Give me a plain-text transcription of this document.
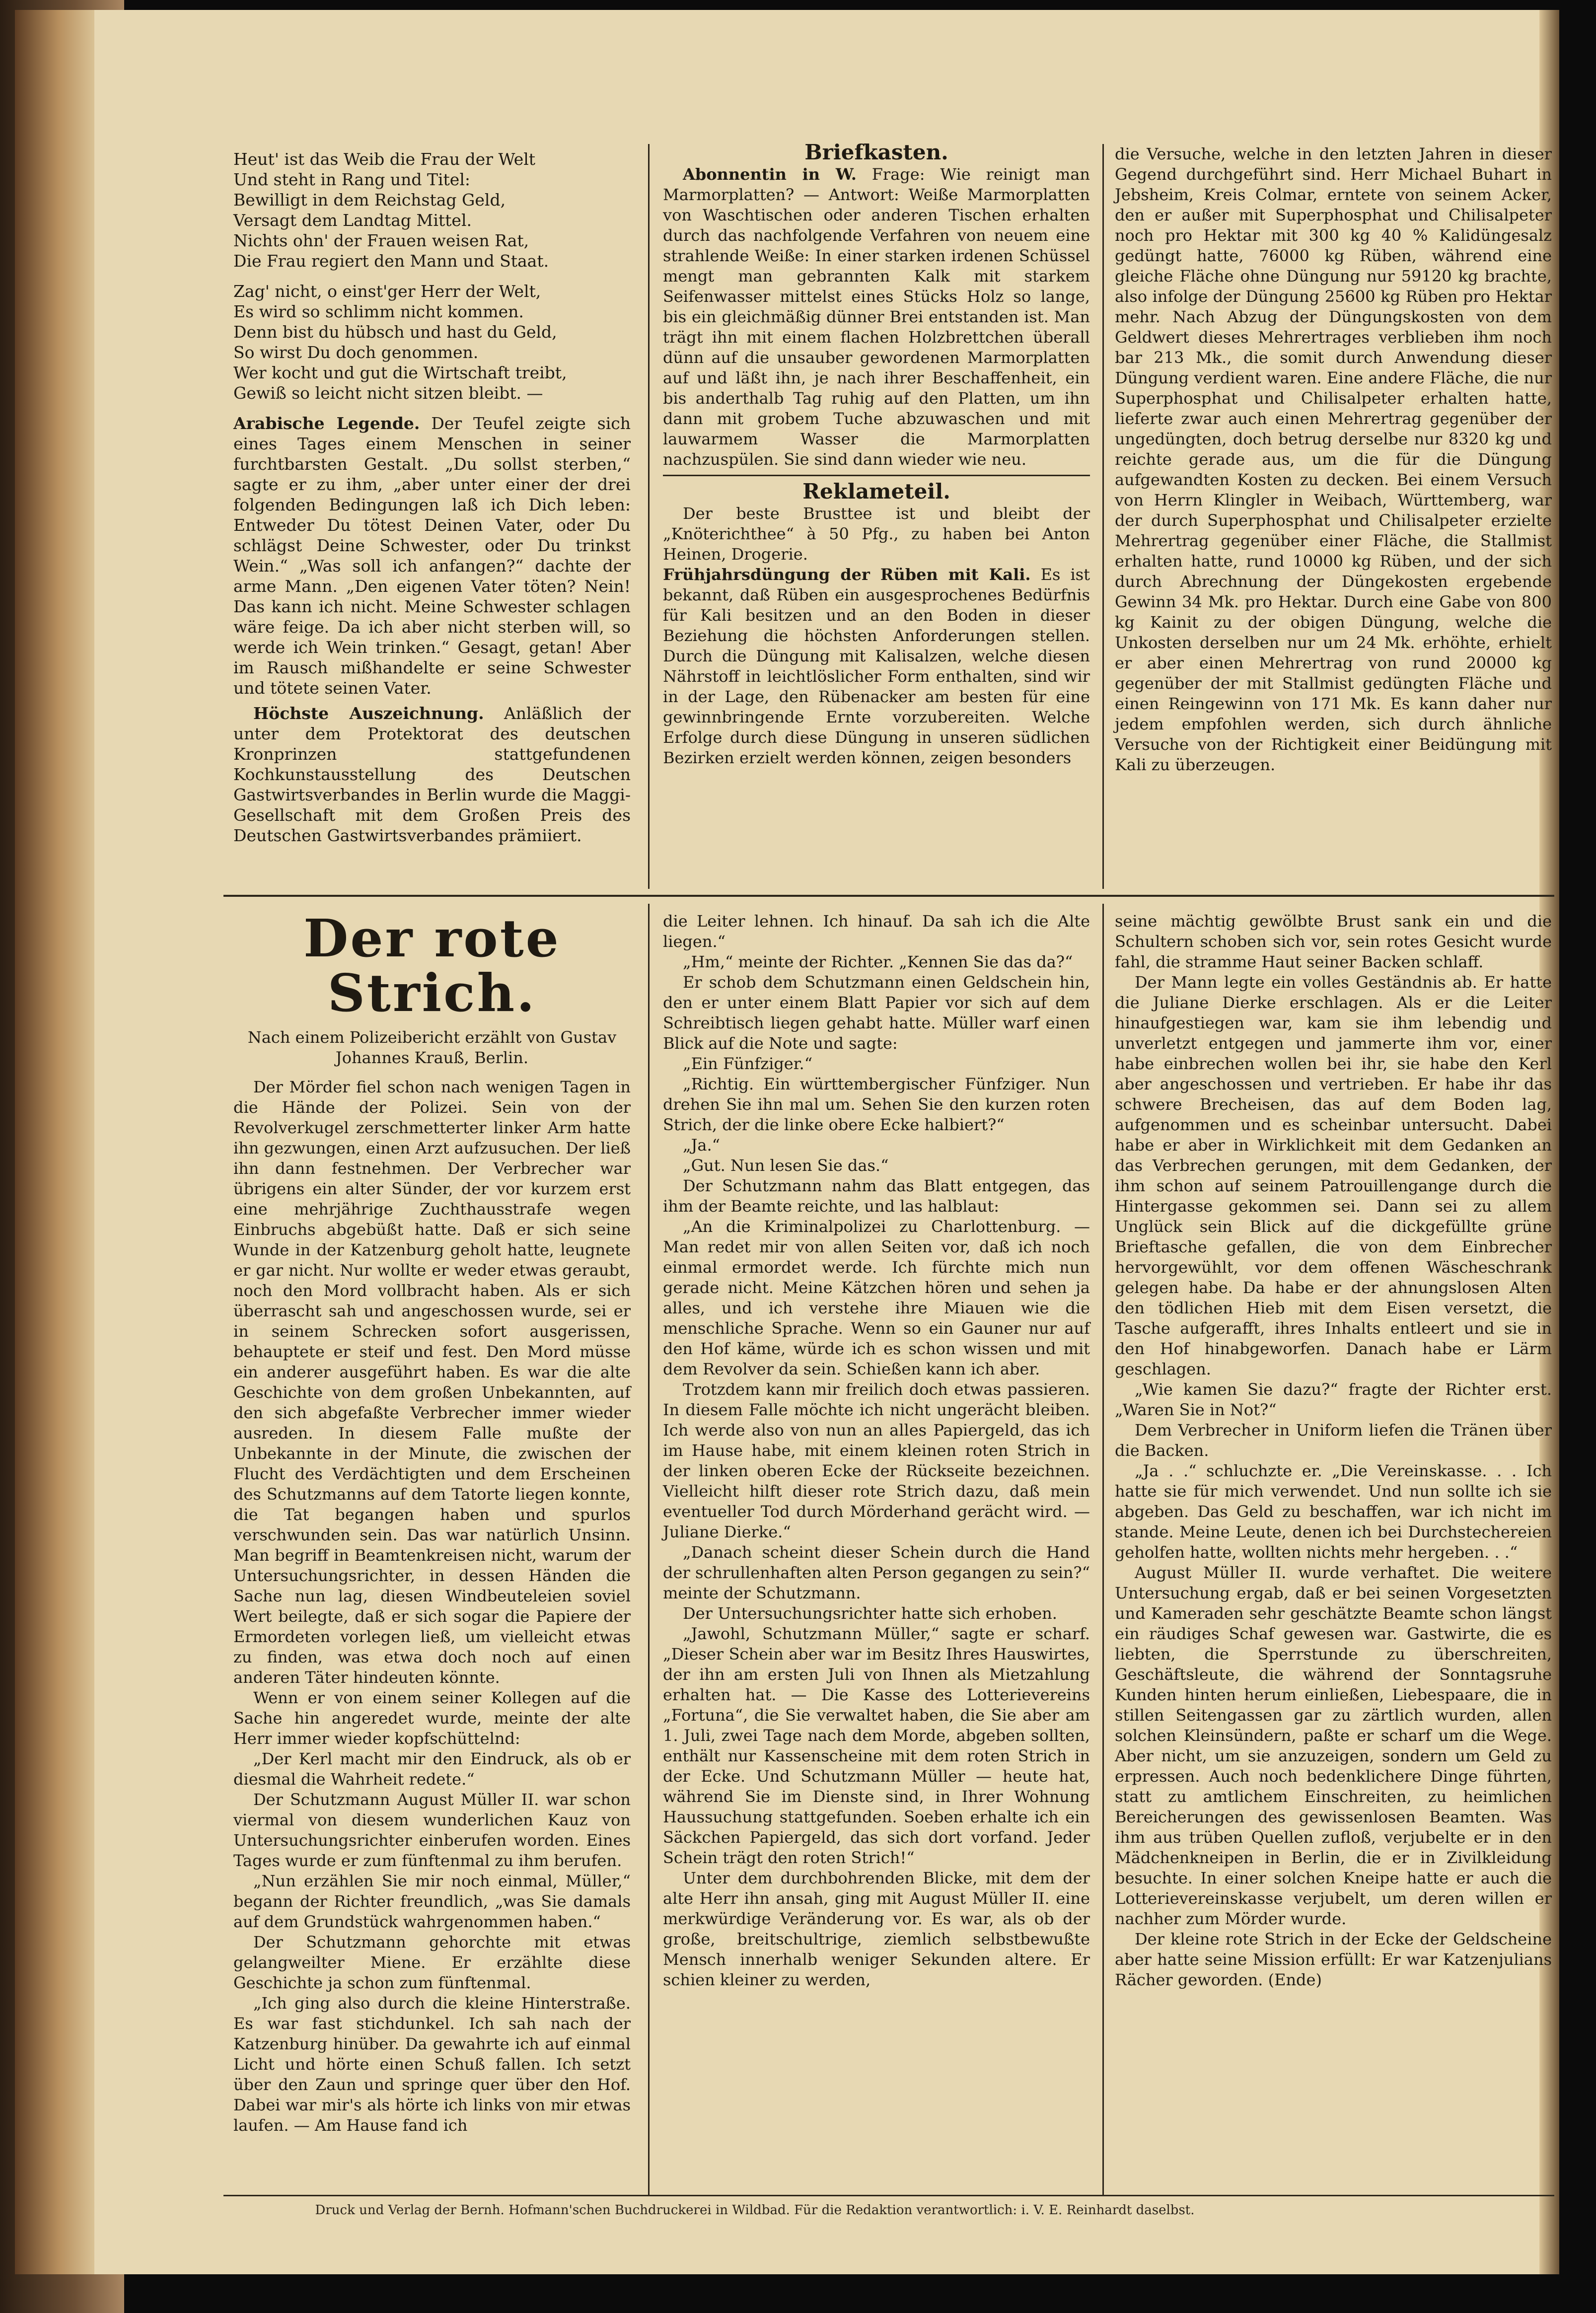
Heut' ist das Weib die Frau der Welt
Und steht in Rang und Titel:
Bewilligt in dem Reichstag Geld,
Versagt dem Landtag Mittel.
Nichts ohn' der Frauen weisen Rat,
Die Frau regiert den Mann und Staat.
Zag' nicht, o einst'ger Herr der Welt,
Es wird so schlimm nicht kommen.
Denn bist du hübsch und hast du Geld,
So wirst Du doch genommen.
Wer kocht und gut die Wirtschaft treibt,
Gewiß so leicht nicht sitzen bleibt. —

Arabische Legende. Der Teufel zeigte sich eines Tages einem Menschen in seiner furchtbarsten Gestalt. „Du sollst sterben,“ sagte er zu ihm, „aber unter einer der drei folgenden Bedingungen laß ich Dich leben: Entweder Du tötest Deinen Vater, oder Du schlägst Deine Schwester, oder Du trinkst Wein.“ „Was soll ich anfangen?“ dachte der arme Mann. „Den eigenen Vater töten? Nein! Das kann ich nicht. Meine Schwester schlagen wäre feige. Da ich aber nicht sterben will, so werde ich Wein trinken.“ Gesagt, getan! Aber im Rausch mißhandelte er seine Schwester und tötete seinen Vater.

Höchste Auszeichnung. Anläßlich der unter dem Protektorat des deutschen Kronprinzen stattgefundenen Kochkunstausstellung des Deutschen Gastwirtsverbandes in Berlin wurde die Maggi-Gesellschaft mit dem Großen Preis des Deutschen Gastwirtsverbandes prämiiert.

Briefkasten.

Abonnentin in W. Frage: Wie reinigt man Marmorplatten? — Antwort: Weiße Marmorplatten von Waschtischen oder anderen Tischen erhalten durch das nachfolgende Verfahren von neuem eine strahlende Weiße: In einer starken irdenen Schüssel mengt man gebrannten Kalk mit starkem Seifenwasser mittelst eines Stücks Holz so lange, bis ein gleichmäßig dünner Brei entstanden ist. Man trägt ihn mit einem flachen Holzbrettchen überall dünn auf die unsauber gewordenen Marmorplatten auf und läßt ihn, je nach ihrer Beschaffenheit, ein bis anderthalb Tag ruhig auf den Platten, um ihn dann mit grobem Tuche abzuwaschen und mit lauwarmem Wasser die Marmorplatten nachzuspülen. Sie sind dann wieder wie neu.

Reklameteil.

Der beste Brusttee ist und bleibt der „Knöterichthee“ à 50 Pfg., zu haben bei Anton Heinen, Drogerie.

Frühjahrsdüngung der Rüben mit Kali. Es ist bekannt, daß Rüben ein ausgesprochenes Bedürfnis für Kali besitzen und an den Boden in dieser Beziehung die höchsten Anforderungen stellen. Durch die Düngung mit Kalisalzen, welche diesen Nährstoff in leichtlöslicher Form enthalten, sind wir in der Lage, den Rübenacker am besten für eine gewinnbringende Ernte vorzubereiten. Welche Erfolge durch diese Düngung in unseren südlichen Bezirken erzielt werden können, zeigen besonders

die Versuche, welche in den letzten Jahren in dieser Gegend durchgeführt sind. Herr Michael Buhart in Jebsheim, Kreis Colmar, erntete von seinem Acker, den er außer mit Superphosphat und Chilisalpeter noch pro Hektar mit 300 kg 40 % Kalidüngesalz gedüngt hatte, 76000 kg Rüben, während eine gleiche Fläche ohne Düngung nur 59120 kg brachte, also infolge der Düngung 25600 kg Rüben pro Hektar mehr. Nach Abzug der Düngungskosten von dem Geldwert dieses Mehrertrages verblieben ihm noch bar 213 Mk., die somit durch Anwendung dieser Düngung verdient waren. Eine andere Fläche, die nur Superphosphat und Chilisalpeter erhalten hatte, lieferte zwar auch einen Mehrertrag gegenüber der ungedüngten, doch betrug derselbe nur 8320 kg und reichte gerade aus, um die für die Düngung aufgewandten Kosten zu decken. Bei einem Versuch von Herrn Klingler in Weibach, Württemberg, war der durch Superphosphat und Chilisalpeter erzielte Mehrertrag gegenüber einer Fläche, die Stallmist erhalten hatte, rund 10000 kg Rüben, und der sich durch Abrechnung der Düngekosten ergebende Gewinn 34 Mk. pro Hektar. Durch eine Gabe von 800 kg Kainit zu der obigen Düngung, welche die Unkosten derselben nur um 24 Mk. erhöhte, erhielt er aber einen Mehrertrag von rund 20000 kg gegenüber der mit Stallmist gedüngten Fläche und einen Reingewinn von 171 Mk. Es kann daher nur jedem empfohlen werden, sich durch ähnliche Versuche von der Richtigkeit einer Beidüngung mit Kali zu überzeugen.

Der rote Strich.
Nach einem Polizeibericht erzählt von Gustav Johannes Krauß, Berlin.

Der Mörder fiel schon nach wenigen Tagen in die Hände der Polizei. Sein von der Revolverkugel zerschmetterter linker Arm hatte ihn gezwungen, einen Arzt aufzusuchen. Der ließ ihn dann festnehmen. Der Verbrecher war übrigens ein alter Sünder, der vor kurzem erst eine mehrjährige Zuchthausstrafe wegen Einbruchs abgebüßt hatte. Daß er sich seine Wunde in der Katzenburg geholt hatte, leugnete er gar nicht. Nur wollte er weder etwas geraubt, noch den Mord vollbracht haben. Als er sich überrascht sah und angeschossen wurde, sei er in seinem Schrecken sofort ausgerissen, behauptete er steif und fest. Den Mord müsse ein anderer ausgeführt haben. Es war die alte Geschichte von dem großen Unbekannten, auf den sich abgefaßte Verbrecher immer wieder ausreden. In diesem Falle mußte der Unbekannte in der Minute, die zwischen der Flucht des Verdächtigten und dem Erscheinen des Schutzmanns auf dem Tatorte liegen konnte, die Tat begangen haben und spurlos verschwunden sein. Das war natürlich Unsinn. Man begriff in Beamtenkreisen nicht, warum der Untersuchungsrichter, in dessen Händen die Sache nun lag, diesen Windbeuteleien soviel Wert beilegte, daß er sich sogar die Papiere der Ermordeten vorlegen ließ, um vielleicht etwas zu finden, was etwa doch noch auf einen anderen Täter hindeuten könnte.

Wenn er von einem seiner Kollegen auf die Sache hin angeredet wurde, meinte der alte Herr immer wieder kopfschüttelnd:

„Der Kerl macht mir den Eindruck, als ob er diesmal die Wahrheit redete.“

Der Schutzmann August Müller II. war schon viermal von diesem wunderlichen Kauz von Untersuchungsrichter einberufen worden. Eines Tages wurde er zum fünftenmal zu ihm berufen.

„Nun erzählen Sie mir noch einmal, Müller,“ begann der Richter freundlich, „was Sie damals auf dem Grundstück wahrgenommen haben.“

Der Schutzmann gehorchte mit etwas gelangweilter Miene. Er erzählte diese Geschichte ja schon zum fünftenmal.

„Ich ging also durch die kleine Hinterstraße. Es war fast stichdunkel. Ich sah nach der Katzenburg hinüber. Da gewahrte ich auf einmal Licht und hörte einen Schuß fallen. Ich setzt über den Zaun und springe quer über den Hof. Dabei war mir's als hörte ich links von mir etwas laufen. — Am Hause fand ich

die Leiter lehnen. Ich hinauf. Da sah ich die Alte liegen.“

„Hm,“ meinte der Richter. „Kennen Sie das da?“

Er schob dem Schutzmann einen Geldschein hin, den er unter einem Blatt Papier vor sich auf dem Schreibtisch liegen gehabt hatte. Müller warf einen Blick auf die Note und sagte:

„Ein Fünfziger.“

„Richtig. Ein württembergischer Fünfziger. Nun drehen Sie ihn mal um. Sehen Sie den kurzen roten Strich, der die linke obere Ecke halbiert?“

„Ja.“

„Gut. Nun lesen Sie das.“

Der Schutzmann nahm das Blatt entgegen, das ihm der Beamte reichte, und las halblaut:

„An die Kriminalpolizei zu Charlottenburg. — Man redet mir von allen Seiten vor, daß ich noch einmal ermordet werde. Ich fürchte mich nun gerade nicht. Meine Kätzchen hören und sehen ja alles, und ich verstehe ihre Miauen wie die menschliche Sprache. Wenn so ein Gauner nur auf den Hof käme, würde ich es schon wissen und mit dem Revolver da sein. Schießen kann ich aber.

Trotzdem kann mir freilich doch etwas passieren. In diesem Falle möchte ich nicht ungerächt bleiben. Ich werde also von nun an alles Papiergeld, das ich im Hause habe, mit einem kleinen roten Strich in der linken oberen Ecke der Rückseite bezeichnen. Vielleicht hilft dieser rote Strich dazu, daß mein eventueller Tod durch Mörderhand gerächt wird. — Juliane Dierke.“

„Danach scheint dieser Schein durch die Hand der schrullenhaften alten Person gegangen zu sein?“ meinte der Schutzmann.

Der Untersuchungsrichter hatte sich erhoben.

„Jawohl, Schutzmann Müller,“ sagte er scharf. „Dieser Schein aber war im Besitz Ihres Hauswirtes, der ihn am ersten Juli von Ihnen als Mietzahlung erhalten hat. — Die Kasse des Lotterievereins „Fortuna“, die Sie verwaltet haben, die Sie aber am 1. Juli, zwei Tage nach dem Morde, abgeben sollten, enthält nur Kassenscheine mit dem roten Strich in der Ecke. Und Schutzmann Müller — heute hat, während Sie im Dienste sind, in Ihrer Wohnung Haussuchung stattgefunden. Soeben erhalte ich ein Säckchen Papiergeld, das sich dort vorfand. Jeder Schein trägt den roten Strich!“

Unter dem durchbohrenden Blicke, mit dem der alte Herr ihn ansah, ging mit August Müller II. eine merkwürdige Veränderung vor. Es war, als ob der große, breitschultrige, ziemlich selbstbewußte Mensch innerhalb weniger Sekunden altere. Er schien kleiner zu werden,

seine mächtig gewölbte Brust sank ein und die Schultern schoben sich vor, sein rotes Gesicht wurde fahl, die stramme Haut seiner Backen schlaff.

Der Mann legte ein volles Geständnis ab. Er hatte die Juliane Dierke erschlagen. Als er die Leiter hinaufgestiegen war, kam sie ihm lebendig und unverletzt entgegen und jammerte ihm vor, einer habe einbrechen wollen bei ihr, sie habe den Kerl aber angeschossen und vertrieben. Er habe ihr das schwere Brecheisen, das auf dem Boden lag, aufgenommen und es scheinbar untersucht. Dabei habe er aber in Wirklichkeit mit dem Gedanken an das Verbrechen gerungen, mit dem Gedanken, der ihm schon auf seinem Patrouillengange durch die Hintergasse gekommen sei. Dann sei zu allem Unglück sein Blick auf die dickgefüllte grüne Brieftasche gefallen, die von dem Einbrecher hervorgewühlt, vor dem offenen Wäscheschrank gelegen habe. Da habe er der ahnungslosen Alten den tödlichen Hieb mit dem Eisen versetzt, die Tasche aufgerafft, ihres Inhalts entleert und sie in den Hof hinabgeworfen. Danach habe er Lärm geschlagen.

„Wie kamen Sie dazu?“ fragte der Richter erst. „Waren Sie in Not?“

Dem Verbrecher in Uniform liefen die Tränen über die Backen.

„Ja . .“ schluchzte er. „Die Vereinskasse. . . Ich hatte sie für mich verwendet. Und nun sollte ich sie abgeben. Das Geld zu beschaffen, war ich nicht im stande. Meine Leute, denen ich bei Durchstechereien geholfen hatte, wollten nichts mehr hergeben. . .“

August Müller II. wurde verhaftet. Die weitere Untersuchung ergab, daß er bei seinen Vorgesetzten und Kameraden sehr geschätzte Beamte schon längst ein räudiges Schaf gewesen war. Gastwirte, die es liebten, die Sperrstunde zu überschreiten, Geschäftsleute, die während der Sonntagsruhe Kunden hinten herum einließen, Liebespaare, die in stillen Seitengassen gar zu zärtlich wurden, allen solchen Kleinsündern, paßte er scharf um die Wege. Aber nicht, um sie anzuzeigen, sondern um Geld zu erpressen. Auch noch bedenklichere Dinge führten, statt zu amtlichem Einschreiten, zu heimlichen Bereicherungen des gewissenlosen Beamten. Was ihm aus trüben Quellen zufloß, verjubelte er in den Mädchenkneipen in Berlin, die er in Zivilkleidung besuchte. In einer solchen Kneipe hatte er auch die Lotterievereinskasse verjubelt, um deren willen er nachher zum Mörder wurde.

Der kleine rote Strich in der Ecke der Geldscheine aber hatte seine Mission erfüllt: Er war Katzenjulians Rächer geworden. (Ende)

Druck und Verlag der Bernh. Hofmann'schen Buchdruckerei in Wildbad. Für die Redaktion verantwortlich: i. V. E. Reinhardt daselbst.
